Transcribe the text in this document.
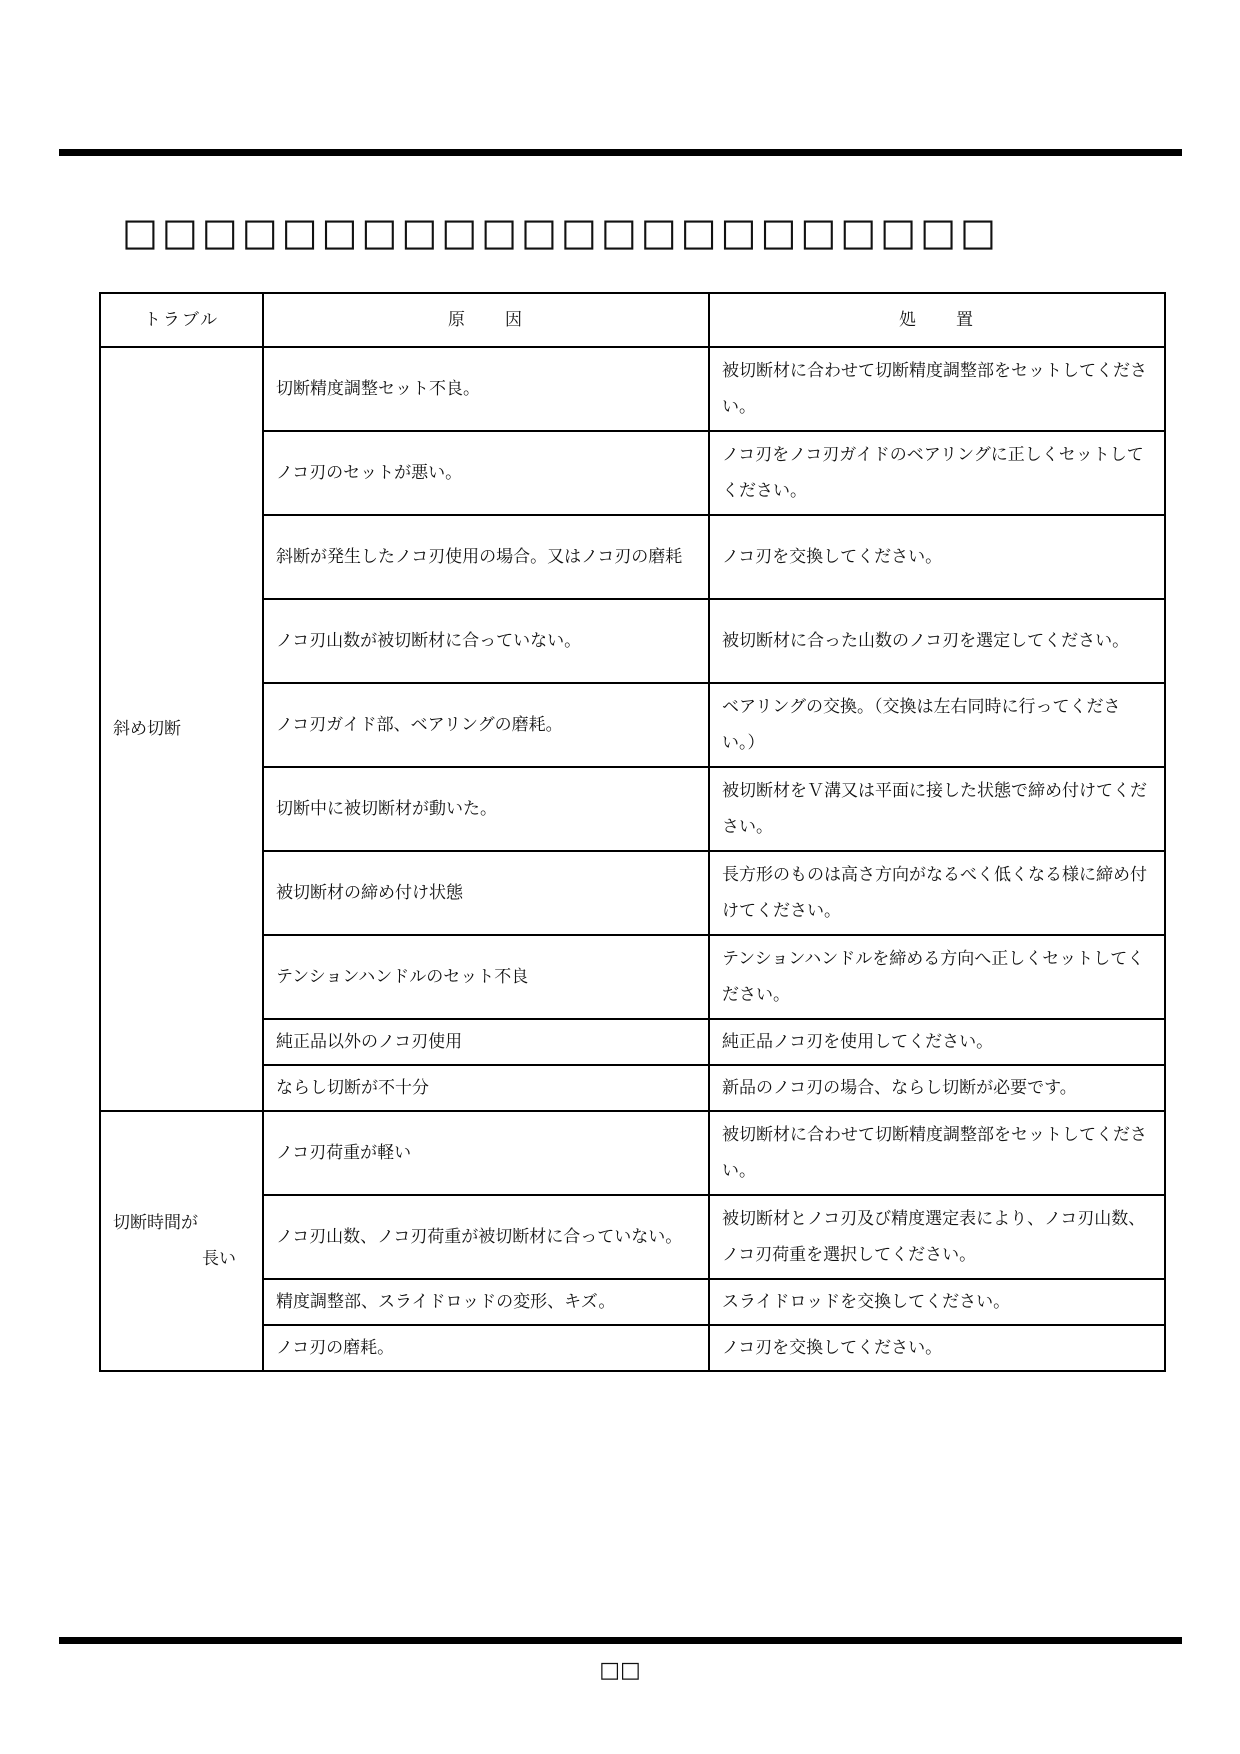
□□□□□□□□□□□□□□□□□□□□□□
トラブル	原　　因	処　　置
斜め切断	切断精度調整セット不良。	被切断材に合わせて切断精度調整部をセットしてください。
	ノコ刃のセットが悪い。	ノコ刃をノコ刃ガイドのベアリングに正しくセットしてください。
	斜断が発生したノコ刃使用の場合。又はノコ刃の磨耗	ノコ刃を交換してください。
	ノコ刃山数が被切断材に合っていない。	被切断材に合った山数のノコ刃を選定してください。
	ノコ刃ガイド部、ベアリングの磨耗。	ベアリングの交換。（交換は左右同時に行ってください。）
	切断中に被切断材が動いた。	被切断材をＶ溝又は平面に接した状態で締め付けてください。
	被切断材の締め付け状態	長方形のものは高さ方向がなるべく低くなる様に締め付けてください。
	テンションハンドルのセット不良	テンションハンドルを締める方向へ正しくセットしてください。
	純正品以外のノコ刃使用	純正品ノコ刃を使用してください。
	ならし切断が不十分	新品のノコ刃の場合、ならし切断が必要です。

切断時間が
長い	ノコ刃荷重が軽い	被切断材に合わせて切断精度調整部をセットしてください。
	ノコ刃山数、ノコ刃荷重が被切断材に合っていない。	被切断材とノコ刃及び精度選定表により、ノコ刃山数、ノコ刃荷重を選択してください。
	精度調整部、スライドロッドの変形、キズ。	スライドロッドを交換してください。
	ノコ刃の磨耗。	ノコ刃を交換してください。
□□
